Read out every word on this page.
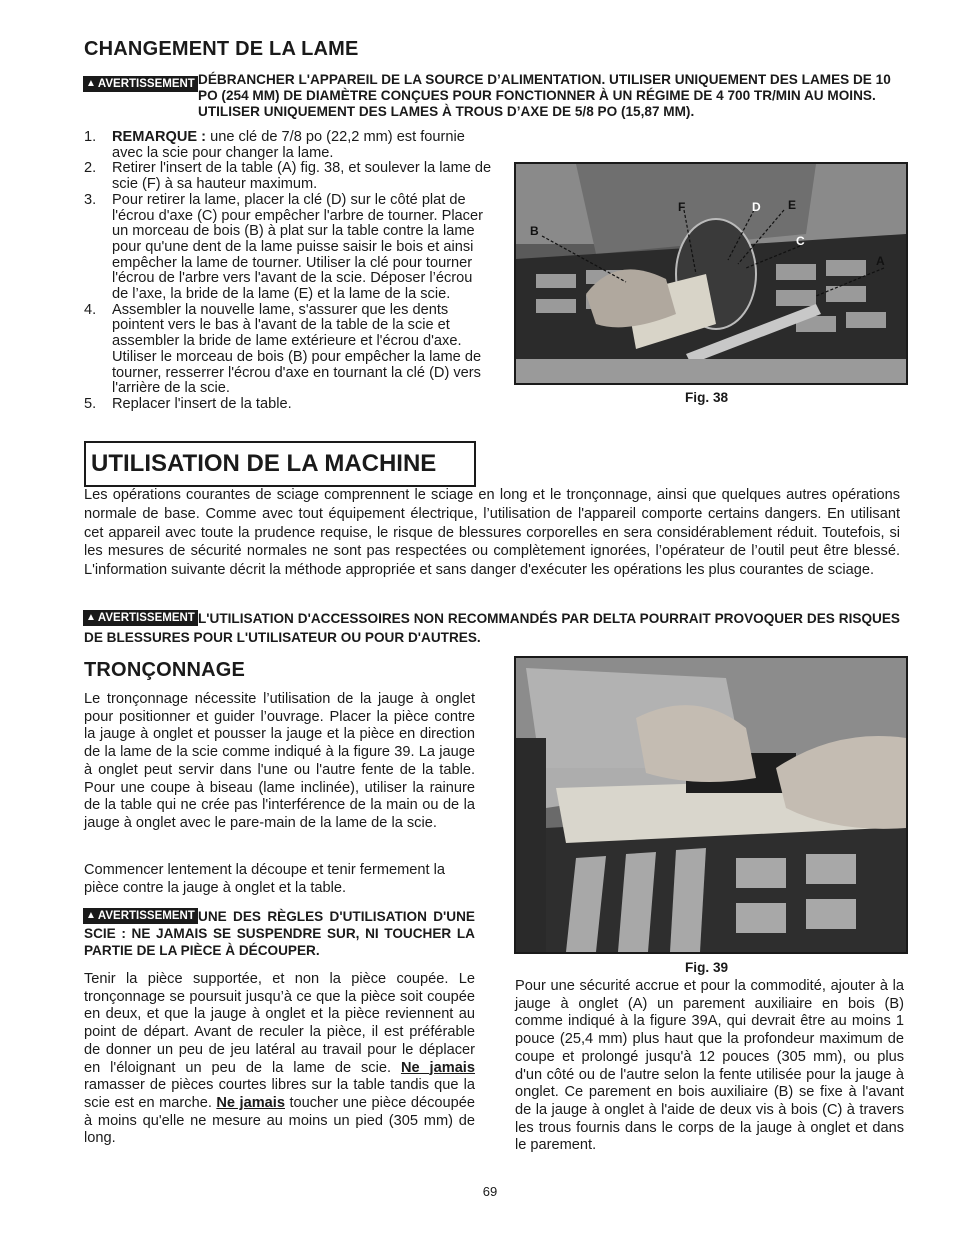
CHANGEMENT DE LA LAME
▲ AVERTISSEMENT DÉBRANCHER L'APPAREIL DE LA SOURCE D’ALIMENTATION. UTILISER UNIQUEMENT DES LAMES DE 10 PO (254 MM) DE DIAMÈTRE CONÇUES POUR FONCTIONNER À UN RÉGIME DE 4 700 TR/MIN AU MOINS. UTILISER UNIQUEMENT DES LAMES À TROUS D’AXE DE 5/8 PO (15,87 MM).
1. REMARQUE : une clé de 7/8 po (22,2 mm) est fournie avec la scie pour changer la lame.
2. Retirer l'insert de la table (A) fig. 38, et soulever la lame de scie (F) à sa hauteur maximum.
3. Pour retirer la lame, placer la clé (D) sur le côté plat de l'écrou d'axe (C) pour empêcher l'arbre de tourner. Placer un morceau de bois (B) à plat sur la table contre la lame pour qu'une dent de la lame puisse saisir le bois et ainsi empêcher la lame de tourner. Utiliser la clé pour tourner l'écrou de l'arbre vers l'avant de la scie. Déposer l’écrou de l’axe, la bride de la lame (E) et la lame de la scie.
4. Assembler la nouvelle lame, s'assurer que les dents pointent vers le bas à l'avant de la table de la scie et assembler la bride de lame extérieure et l'écrou d'axe. Utiliser le morceau de bois (B) pour empêcher la lame de tourner, resserrer l'écrou d'axe en tournant la clé (D) vers l'arrière de la scie.
5. Replacer l'insert de la table.
B
F	D E
C
A
Fig. 38
UTILISATION DE LA MACHINE
Les opérations courantes de sciage comprennent le sciage en long et le tronçonnage, ainsi que quelques autres opérations normale de base. Comme avec tout équipement électrique, l’utilisation de l'appareil comporte certains dangers. En utilisant cet appareil avec toute la prudence requise, le risque de blessures corporelles en sera considérablement réduit. Toutefois, si les mesures de sécurité normales ne sont pas respectées ou complètement ignorées, l’opérateur de l’outil peut être blessé. L'information suivante décrit la méthode appropriée et sans danger d'exécuter les opérations les plus courantes de sciage.
▲ AVERTISSEMENT L'UTILISATION D'ACCESSOIRES NON RECOMMANDÉS PAR DELTA POURRAIT PROVOQUER DES RISQUES DE BLESSURES POUR L'UTILISATEUR OU POUR D'AUTRES.
TRONÇONNAGE
Le tronçonnage nécessite l’utilisation de la jauge à onglet pour positionner et guider l’ouvrage. Placer la pièce contre la jauge à onglet et pousser la jauge et la pièce en direction de la lame de la scie comme indiqué à la figure 39. La jauge à onglet peut servir dans l'une ou l'autre fente de la table. Pour une coupe à biseau (lame inclinée), utiliser la rainure de la table qui ne crée pas l'interférence de la main ou de la jauge à onglet avec le pare-main de la lame de la scie.
Commencer lentement la découpe et tenir fermement la pièce contre la jauge à onglet et la table.
▲ AVERTISSEMENT UNE DES RÈGLES D'UTILISATION D'UNE SCIE : NE JAMAIS SE SUSPENDRE SUR, NI TOUCHER LA PARTIE DE LA PIÈCE À DÉCOUPER.
Tenir la pièce supportée, et non la pièce coupée. Le tronçonnage se poursuit jusqu’à ce que la pièce soit coupée en deux, et que la jauge à onglet et la pièce reviennent au point de départ. Avant de reculer la pièce, il est préférable de donner un peu de jeu latéral au travail pour le déplacer en l'éloignant un peu de la lame de scie. Ne jamais ramasser de pièces courtes libres sur la table tandis que la scie est en marche. Ne jamais toucher une pièce découpée à moins qu'elle ne mesure au moins un pied (305 mm) de long.
Fig. 39
Pour une sécurité accrue et pour la commodité, ajouter à la jauge à onglet (A) un parement auxiliaire en bois (B) comme indiqué à la figure 39A, qui devrait être au moins 1 pouce (25,4 mm) plus haut que la profondeur maximum de coupe et prolongé jusqu'à 12 pouces (305 mm), ou plus d'un côté ou de l'autre selon la fente utilisée pour la jauge à onglet. Ce parement en bois auxiliaire (B) se fixe à l'avant de la jauge à onglet à l'aide de deux vis à bois (C) à travers les trous fournis dans le corps de la jauge à onglet et dans le parement.
69
